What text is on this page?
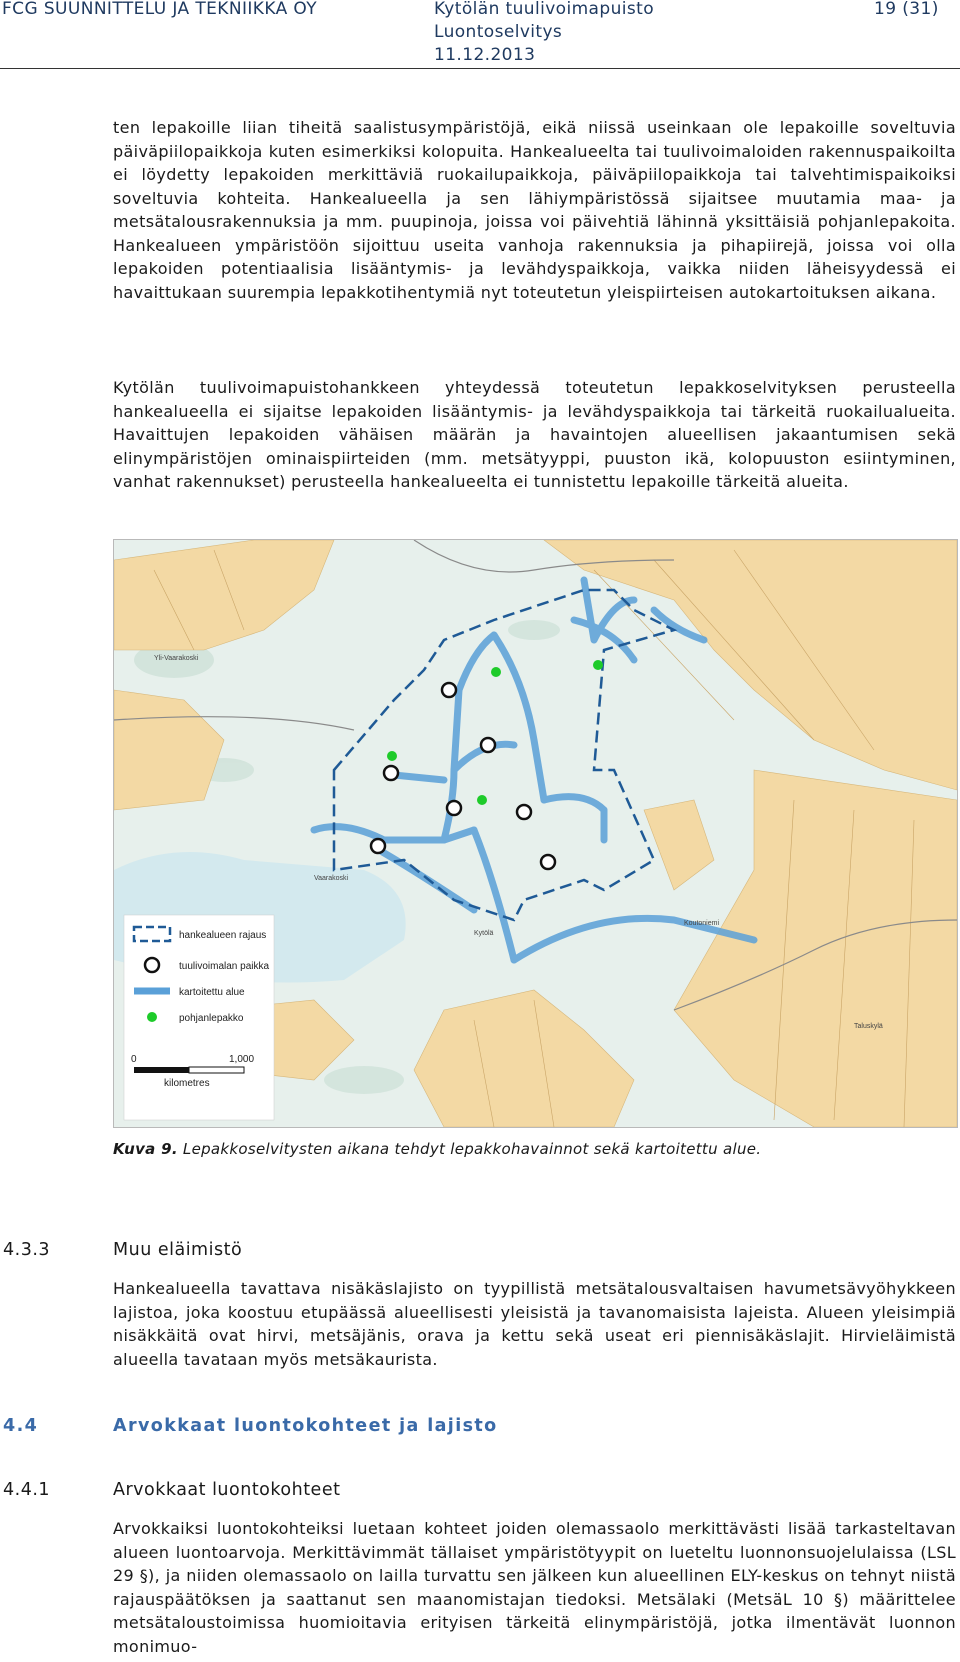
FCG SUUNNITTELU JA TEKNIIKKA OY	Kytölän tuulivoimapuisto
Luontoselvitys
11.12.2013
19 (31)

ten lepakoille liian tiheitä saalistusympäristöjä, eikä niissä useinkaan ole lepakoille soveltuvia päiväpiilopaikkoja kuten esimerkiksi kolopuita. Hankealueelta tai tuulivoimaloiden rakennuspaikoilta ei löydetty lepakoiden merkittäviä ruokailupaikkoja, päiväpiilopaikkoja tai talvehtimispaikoiksi soveltuvia kohteita. Hankealueella ja sen lähiympäristössä sijaitsee muutamia maa- ja metsätalousrakennuksia ja mm. puupinoja, joissa voi päivehtiä lähinnä yksittäisiä pohjanlepakoita. Hankealueen ympäristöön sijoittuu useita vanhoja rakennuksia ja pihapiirejä, joissa voi olla lepakoiden potentiaalisia lisääntymis- ja levähdyspaikkoja, vaikka niiden läheisyydessä ei havaittukaan suurempia lepakkotihentymiä nyt toteutetun yleispiirteisen autokartoituksen aikana.

Kytölän tuulivoimapuistohankkeen yhteydessä toteutetun lepakkoselvityksen perusteella hankealueella ei sijaitse lepakoiden lisääntymis- ja levähdyspaikkoja tai tärkeitä ruokailualueita. Havaittujen lepakoiden vähäisen määrän ja havaintojen alueellisen jakaantumisen sekä elinympäristöjen ominaispiirteiden (mm. metsätyyppi, puuston ikä, kolopuuston esiintyminen, vanhat rakennukset) perusteella hankealueelta ei tunnistettu lepakoille tärkeitä alueita.

Yli-Vaarakoski
Vaarakoski
Kytölä
Koutoniemi
Taluskylä
hankealueen rajaus
tuulivoimalan paikka
kartoitettu alue
pohjanlepakko
0	1,000
kilometres
Kuva 9. Lepakkoselvitysten aikana tehdyt lepakkohavainnot sekä kartoitettu alue.
4.3.3	Muu eläimistö

Hankealueella tavattava nisäkäslajisto on tyypillistä metsätalousvaltaisen havumetsävyöhykkeen lajistoa, joka koostuu etupäässä alueellisesti yleisistä ja tavanomaisista lajeista. Alueen yleisimpiä nisäkkäitä ovat hirvi, metsäjänis, orava ja kettu sekä useat eri piennisäkäslajit. Hirvieläimistä alueella tavataan myös metsäkaurista.

4.4	Arvokkaat luontokohteet ja lajisto
4.4.1	Arvokkaat luontokohteet

Arvokkaiksi luontokohteiksi luetaan kohteet joiden olemassaolo merkittävästi lisää tarkasteltavan alueen luontoarvoja. Merkittävimmät tällaiset ympäristötyypit on lueteltu luonnonsuojelulaissa (LSL 29 §), ja niiden olemassaolo on lailla turvattu sen jälkeen kun alueellinen ELY-keskus on tehnyt niistä rajauspäätöksen ja saattanut sen maanomistajan tiedoksi. Metsälaki (MetsäL 10 §) määrittelee metsätaloustoimissa huomioitavia erityisen tärkeitä elinympäristöjä, jotka ilmentävät luonnon monimuo-
